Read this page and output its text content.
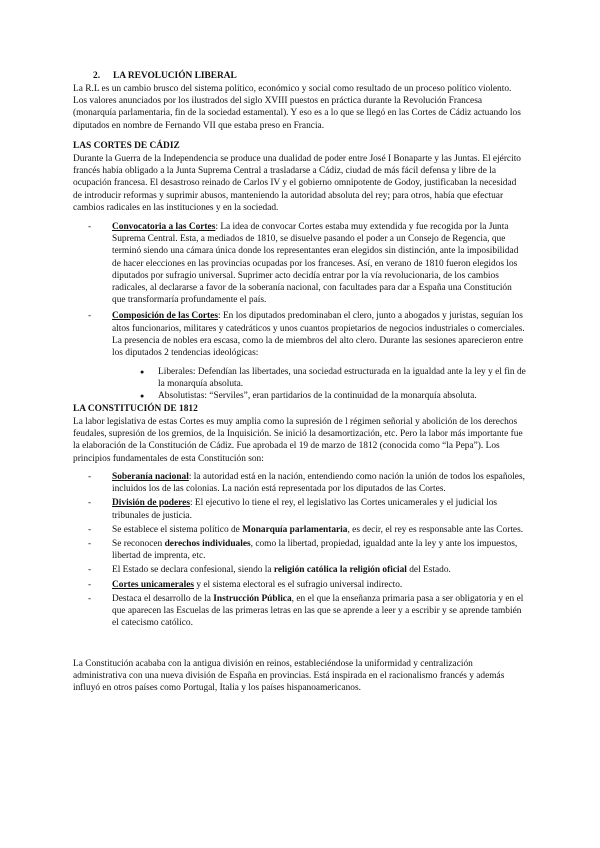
2. LA REVOLUCIÓN LIBERAL

La R.L es un cambio brusco del sistema político, económico y social como resultado de un proceso político violento. Los valores anunciados por los ilustrados del siglo XVIII puestos en práctica durante la Revolución Francesa (monarquía parlamentaria, fin de la sociedad estamental). Y eso es a lo que se llegó en las Cortes de Cádiz actuando los diputados en nombre de Fernando VII que estaba preso en Francia.

LAS CORTES DE CÁDIZ

Durante la Guerra de la Independencia se produce una dualidad de poder entre José I Bonaparte y las Juntas. El ejército francés había obligado a la Junta Suprema Central a trasladarse a Cádiz, ciudad de más fácil defensa y libre de la ocupación francesa. El desastroso reinado de Carlos IV y el gobierno omnipotente de Godoy, justificaban la necesidad de introducir reformas y suprimir abusos, manteniendo la autoridad absoluta del rey; para otros, había que efectuar cambios radicales en las instituciones y en la sociedad.

- Convocatoria a las Cortes: La idea de convocar Cortes estaba muy extendida y fue recogida por la Junta Suprema Central. Esta, a mediados de 1810, se disuelve pasando el poder a un Consejo de Regencia, que terminó siendo una cámara única donde los representantes eran elegidos sin distinción, ante la imposibilidad de hacer elecciones en las provincias ocupadas por los franceses. Así, en verano de 1810 fueron elegidos los diputados por sufragio universal. Suprimer acto decidía entrar por la vía revolucionaria, de los cambios radicales, al declararse a favor de la soberanía nacional, con facultades para dar a España una Constitución que transformaría profundamente el país.
- Composición de las Cortes: En los diputados predominaban el clero, junto a abogados y juristas, seguían los altos funcionarios, militares y catedráticos y unos cuantos propietarios de negocios industriales o comerciales. La presencia de nobles era escasa, como la de miembros del alto clero. Durante las sesiones aparecieron entre los diputados 2 tendencias ideológicas:
● Liberales: Defendían las libertades, una sociedad estructurada en la igualdad ante la ley y el fin de la monarquía absoluta.
● Absolutistas: “Serviles”, eran partidarios de la continuidad de la monarquía absoluta.
LA CONSTITUCIÓN DE 1812

La labor legislativa de estas Cortes es muy amplia como la supresión de l régimen señorial y abolición de los derechos feudales, supresión de los gremios, de la Inquisición. Se inició la desamortización, etc. Pero la labor más importante fue la elaboración de la Constitución de Cádiz. Fue aprobada el 19 de marzo de 1812 (conocida como “la Pepa”). Los principios fundamentales de esta Constitución son:

- Soberanía nacional: la autoridad está en la nación, entendiendo como nación la unión de todos los españoles, incluidos los de las colonias. La nación está representada por los diputados de las Cortes.
- División de poderes: El ejecutivo lo tiene el rey, el legislativo las Cortes unicamerales y el judicial los tribunales de justicia.
- Se establece el sistema político de Monarquía parlamentaria, es decir, el rey es responsable ante las Cortes.
- Se reconocen derechos individuales, como la libertad, propiedad, igualdad ante la ley y ante los impuestos, libertad de imprenta, etc.
- El Estado se declara confesional, siendo la religión católica la religión oficial del Estado.
- Cortes unicamerales y el sistema electoral es el sufragio universal indirecto.
- Destaca el desarrollo de la Instrucción Pública, en el que la enseñanza primaria pasa a ser obligatoria y en el que aparecen las Escuelas de las primeras letras en las que se aprende a leer y a escribir y se aprende también el catecismo católico.

La Constitución acababa con la antigua división en reinos, estableciéndose la uniformidad y centralización administrativa con una nueva división de España en provincias. Está inspirada en el racionalismo francés y además influyó en otros países como Portugal, Italia y los países hispanoamericanos.
